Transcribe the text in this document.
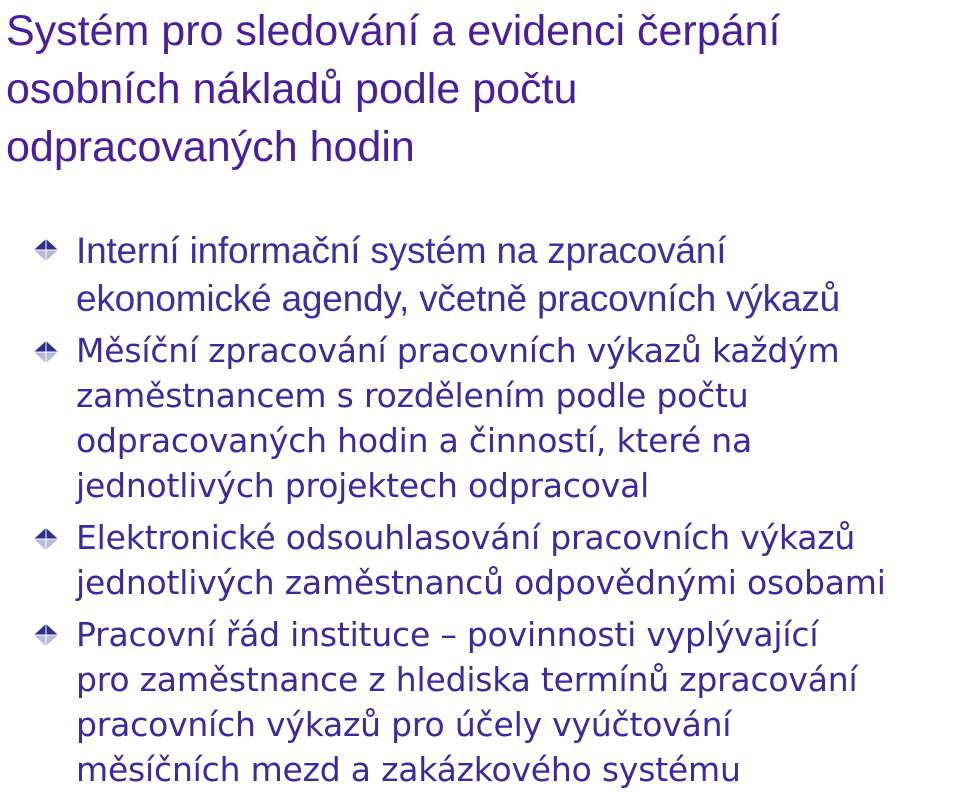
Systém pro sledování a evidenci čerpání
osobních nákladů podle počtu
odpracovaných hodin
Interní informační systém na zpracování
ekonomické agendy, včetně pracovních výkazů
Měsíční zpracování pracovních výkazů každým
zaměstnancem s rozdělením podle počtu
odpracovaných hodin a činností, které na
jednotlivých projektech odpracoval
Elektronické odsouhlasování pracovních výkazů
jednotlivých zaměstnanců odpovědnými osobami
Pracovní řád instituce – povinnosti vyplývající
pro zaměstnance z hlediska termínů zpracování
pracovních výkazů pro účely vyúčtování
měsíčních mezd a zakázkového systému
